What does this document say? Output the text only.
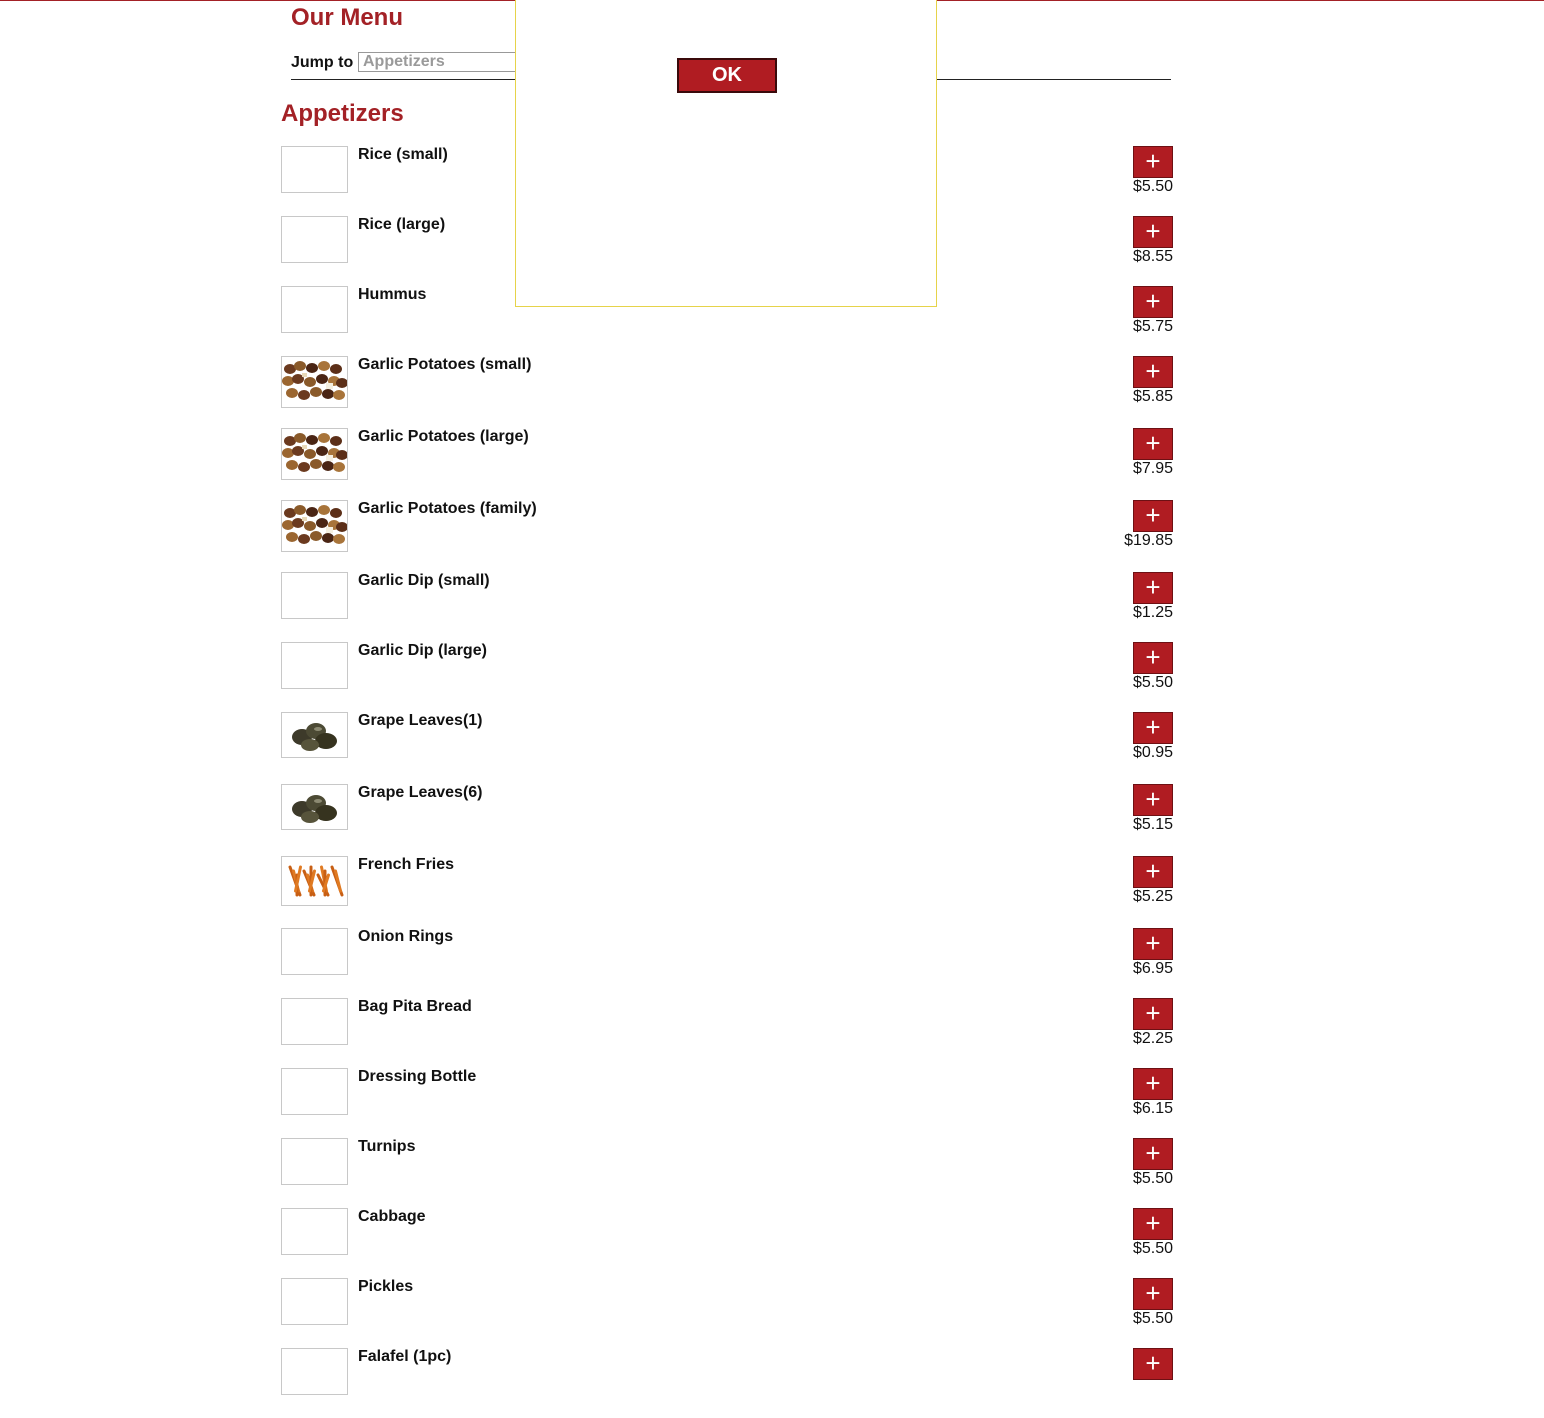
Our Menu
Jump to Appetizers
Appetizers
Rice (small)	+
$5.50
Rice (large)	+
$8.55
Hummus	+
$5.75
Garlic Potatoes (small)	+
$5.85
Garlic Potatoes (large)	+
$7.95
Garlic Potatoes (family)	+
$19.85
Garlic Dip (small)	+
$1.25
Garlic Dip (large)	+
$5.50
Grape Leaves(1)	+
$0.95
Grape Leaves(6)	+
$5.15
French Fries	+
$5.25
Onion Rings	+
$6.95
Bag Pita Bread	+
$2.25
Dressing Bottle	+
$6.15
Turnips	+
$5.50
Cabbage	+
$5.50
Pickles	+
$5.50
Falafel (1pc)	+
OK
